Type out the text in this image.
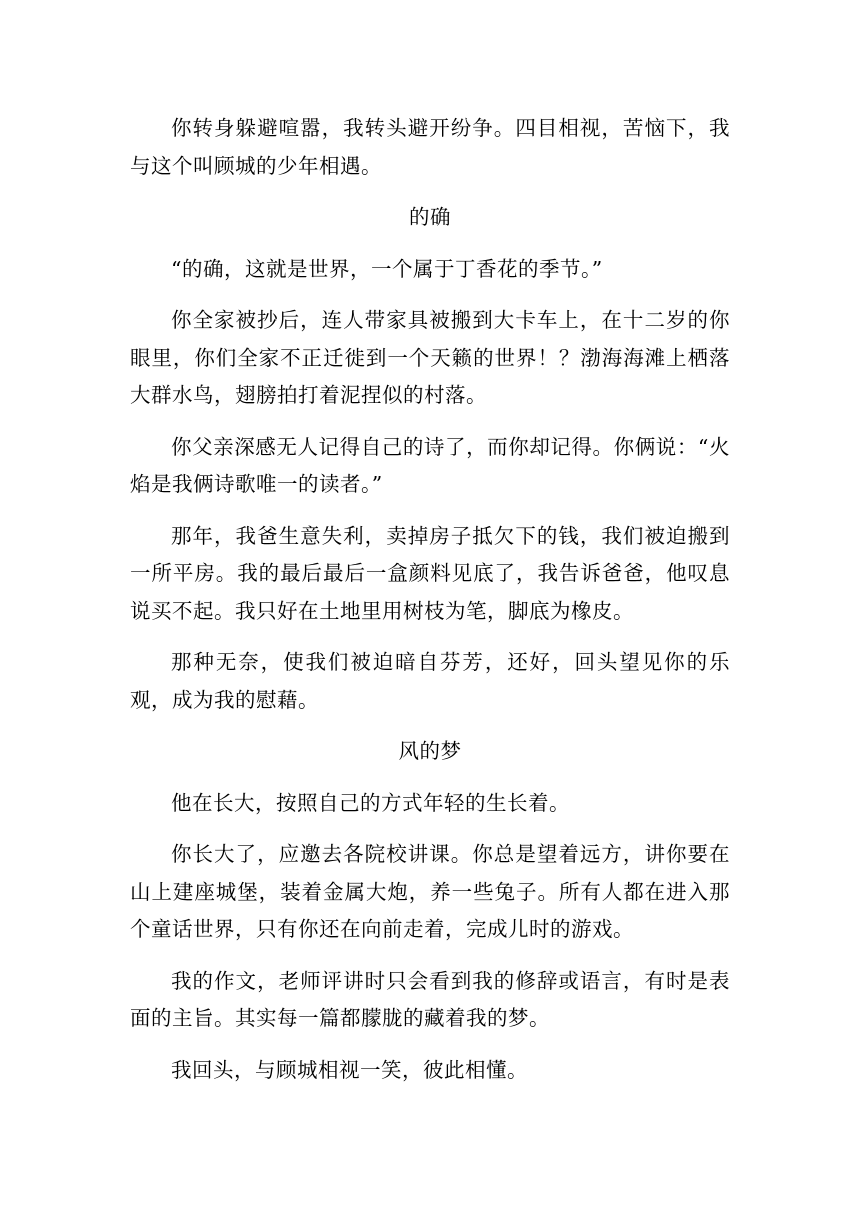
你转身躲避喧嚣，我转头避开纷争。四目相视，苦恼下，我与这个叫顾城的少年相遇。

的确

“的确，这就是世界，一个属于丁香花的季节。”

你全家被抄后，连人带家具被搬到大卡车上，在十二岁的你眼里，你们全家不正迁徙到一个天籁的世界！？渤海海滩上栖落大群水鸟，翅膀拍打着泥捏似的村落。

你父亲深感无人记得自己的诗了，而你却记得。你俩说：“火焰是我俩诗歌唯一的读者。”

那年，我爸生意失利，卖掉房子抵欠下的钱，我们被迫搬到一所平房。我的最后最后一盒颜料见底了，我告诉爸爸，他叹息说买不起。我只好在土地里用树枝为笔，脚底为橡皮。

那种无奈，使我们被迫暗自芬芳，还好，回头望见你的乐观，成为我的慰藉。

风的梦

他在长大，按照自己的方式年轻的生长着。

你长大了，应邀去各院校讲课。你总是望着远方，讲你要在山上建座城堡，装着金属大炮，养一些兔子。所有人都在进入那个童话世界，只有你还在向前走着，完成儿时的游戏。

我的作文，老师评讲时只会看到我的修辞或语言，有时是表面的主旨。其实每一篇都朦胧的藏着我的梦。

我回头，与顾城相视一笑，彼此相懂。
